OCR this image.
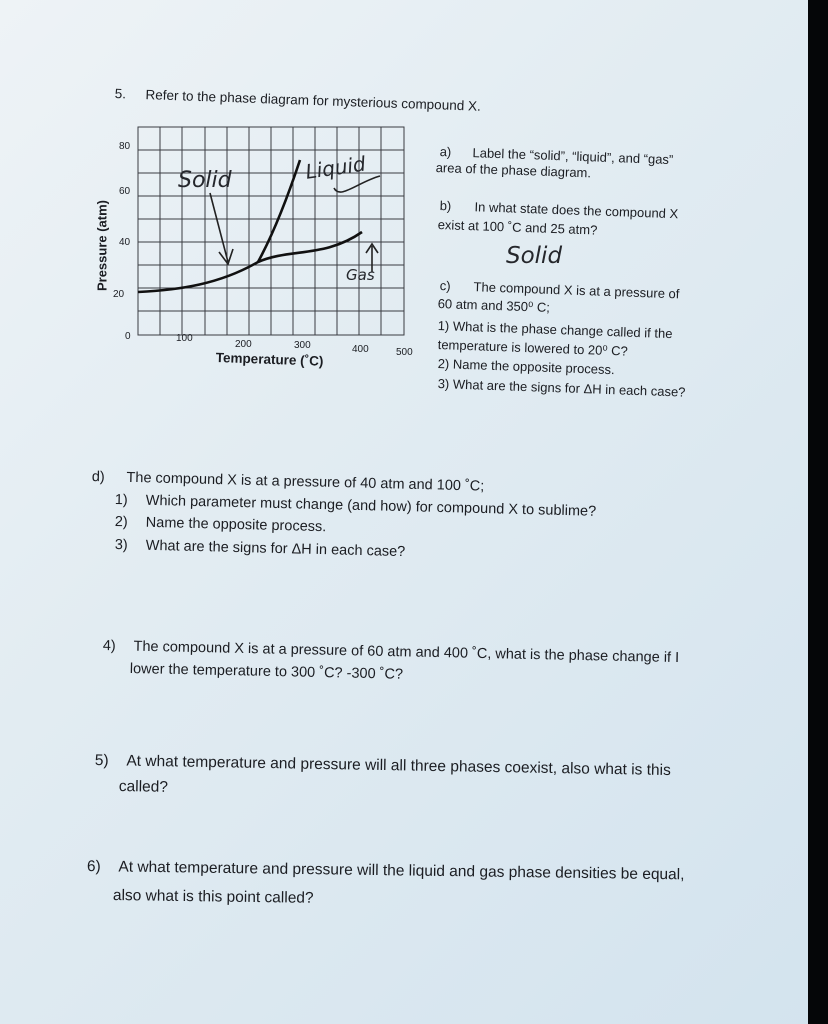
5. Refer to the phase diagram for mysterious compound X.
80
60
40
20
0	100
200	300	400	500
Pressure (atm)
Temperature (˚C)
Solid	Liquid
Gas
a) Label the “solid”, “liquid”, and “gas”
area of the phase diagram.
b) In what state does the compound X
exist at 100 ˚C and 25 atm?
Solid
c) The compound X is at a pressure of
60 atm and 350⁰ C;
1) What is the phase change called if the
temperature is lowered to 20⁰ C?
2) Name the opposite process.
3) What are the signs for ΔH in each case?
d) The compound X is at a pressure of 40 atm and 100 ˚C;
1) Which parameter must change (and how) for compound X to sublime?
2) Name the opposite process.
3) What are the signs for ΔH in each case?
4) The compound X is at a pressure of 60 atm and 400 ˚C, what is the phase change if I
lower the temperature to 300 ˚C? -300 ˚C?
5) At what temperature and pressure will all three phases coexist, also what is this
called?
6) At what temperature and pressure will the liquid and gas phase densities be equal,
also what is this point called?
